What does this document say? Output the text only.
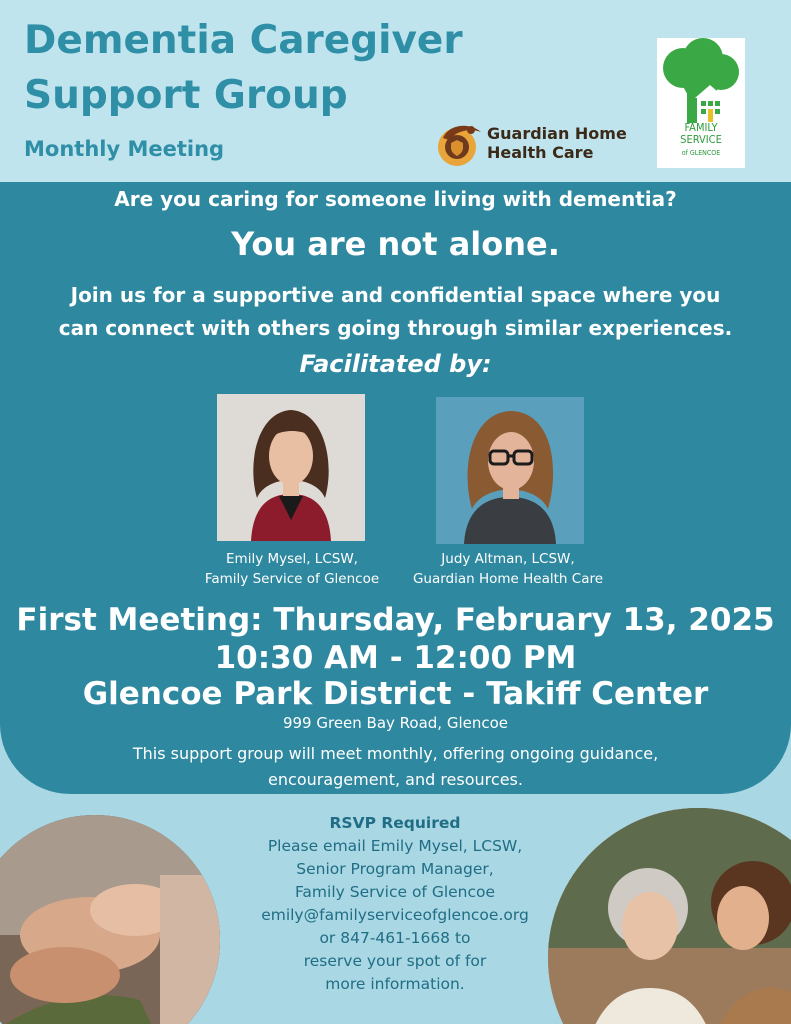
Dementia Caregiver
Support Group
Monthly Meeting
Guardian Home
Health Care
FAMILY
SERVICE
of GLENCOE
Are you caring for someone living with dementia?
You are not alone.
Join us for a supportive and confidential space where you
can connect with others going through similar experiences.
Facilitated by:
Emily Mysel, LCSW,
Family Service of Glencoe
Judy Altman, LCSW,
Guardian Home Health Care
First Meeting: Thursday, February 13, 2025
10:30 AM - 12:00 PM
Glencoe Park District - Takiff Center
999 Green Bay Road, Glencoe
This support group will meet monthly, offering ongoing guidance,
encouragement, and resources.
RSVP Required
Please email Emily Mysel, LCSW,
Senior Program Manager,
Family Service of Glencoe
emily@familyserviceofglencoe.org
or 847-461-1668 to
reserve your spot of for
more information.
